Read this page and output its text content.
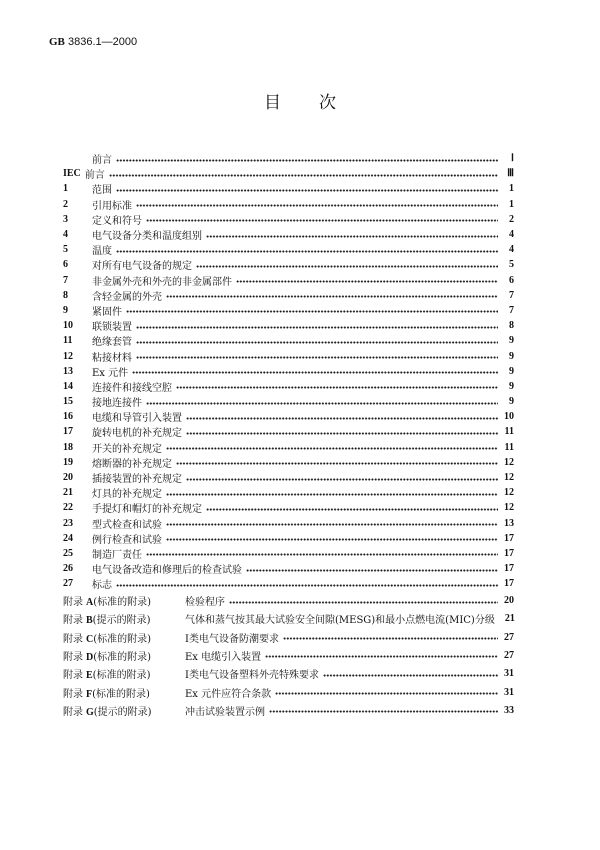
GB 3836.1—2000
目次
前言	Ⅰ
IEC 前言	Ⅲ
1	范围	1
2	引用标准	1
3	定义和符号	2
4	电气设备分类和温度组别	4
5	温度	4
6	对所有电气设备的规定	5
7	非金属外壳和外壳的非金属部件	6
8	含轻金属的外壳	7
9	紧固件	7
10	联锁装置	8
11	绝缘套管	9
12	粘接材料	9
13	Ex 元件	9
14	连接件和接线空腔	9
15	接地连接件	9
16	电缆和导管引入装置	10
17	旋转电机的补充规定	11
18	开关的补充规定	11
19	熔断器的补充规定	12
20	插接装置的补充规定	12
21	灯具的补充规定	12
22	手提灯和帽灯的补充规定	12
23	型式检查和试验	13
24	例行检查和试验	17
25	制造厂责任	17
26	电气设备改造和修理后的检查试验	17
27	标志	17
附录 A(标准的附录)	检验程序	20
附录 B(提示的附录)	气体和蒸气按其最大试验安全间隙(MESG)和最小点燃电流(MIC)分级	21
附录 C(标准的附录)	Ⅰ类电气设备防潮要求	27
附录 D(标准的附录)	Ex 电缆引入装置	27
附录 E(标准的附录)	Ⅰ类电气设备塑料外壳特殊要求	31
附录 F(标准的附录)	Ex 元件应符合条款	31
附录 G(提示的附录)	冲击试验装置示例	33
